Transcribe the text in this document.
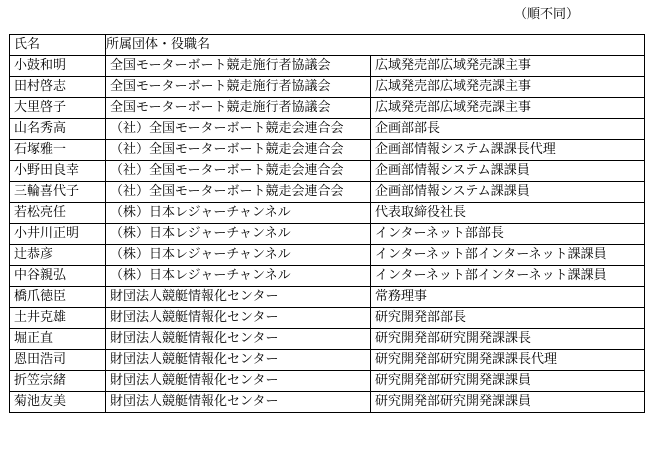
（順不同）
氏名	所属団体・役職名	
小鼓和明	全国モーターボート競走施行者協議会	広域発売部広域発売課主事
田村啓志	全国モーターボート競走施行者協議会	広域発売部広域発売課主事
大里啓子	全国モーターボート競走施行者協議会	広域発売部広域発売課主事
山名秀高	（社）全国モーターボート競走会連合会	企画部部長
石塚雅一	（社）全国モーターボート競走会連合会	企画部情報システム課課長代理
小野田良幸	（社）全国モーターボート競走会連合会	企画部情報システム課課員
三輪喜代子	（社）全国モーターボート競走会連合会	企画部情報システム課課員
若松亮任	（株）日本レジャーチャンネル	代表取締役社長
小井川正明	（株）日本レジャーチャンネル	インターネット部部長
辻恭彦	（株）日本レジャーチャンネル	インターネット部インターネット課課員
中谷親弘	（株）日本レジャーチャンネル	インターネット部インターネット課課員
橋爪徳臣	財団法人競艇情報化センター	常務理事
土井克雄	財団法人競艇情報化センター	研究開発部部長
堀正直	財団法人競艇情報化センター	研究開発部研究開発課課長
恩田浩司	財団法人競艇情報化センター	研究開発部研究開発課課長代理
折笠宗緒	財団法人競艇情報化センター	研究開発部研究開発課課員
菊池友美	財団法人競艇情報化センター	研究開発部研究開発課課員
